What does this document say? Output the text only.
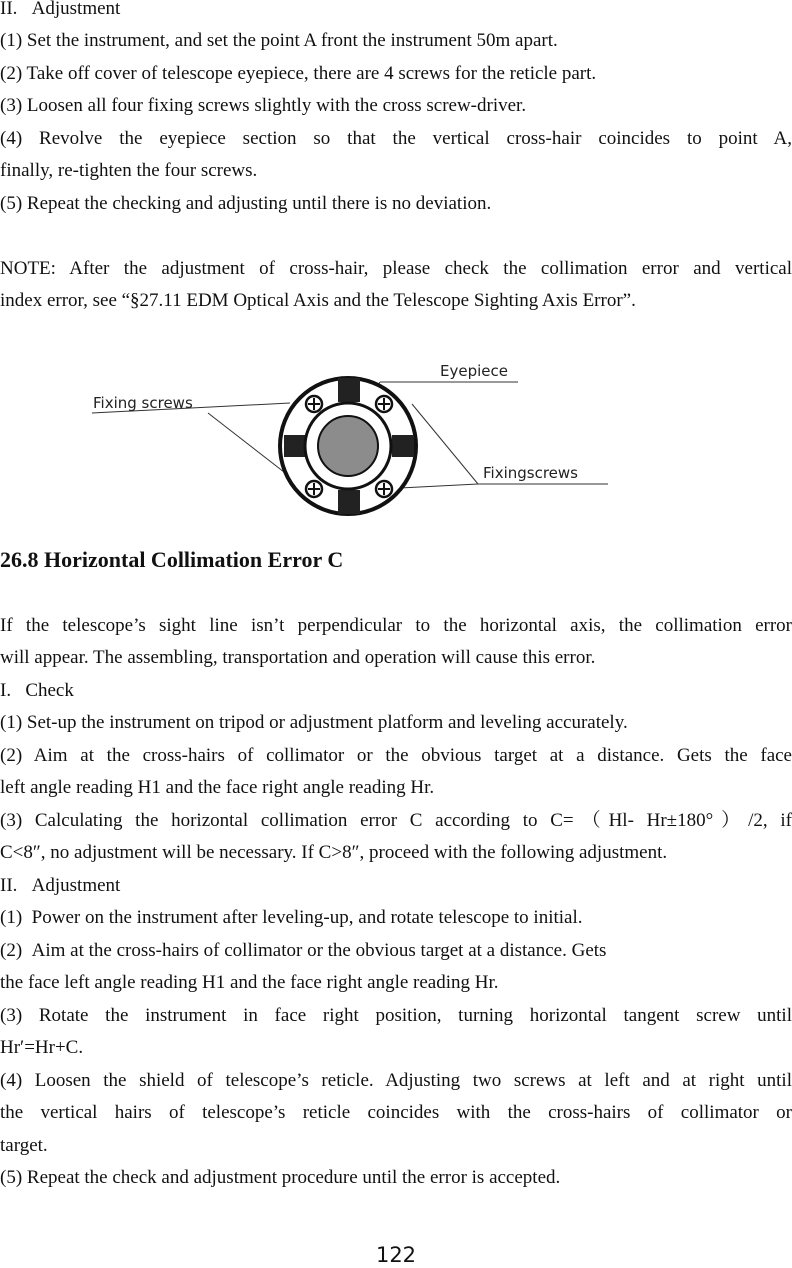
II.   Adjustment
(1) Set the instrument, and set the point A front the instrument 50m apart.
(2) Take off cover of telescope eyepiece, there are 4 screws for the reticle part.
(3) Loosen all four fixing screws slightly with the cross screw-driver.
(4) Revolve the eyepiece section so that the vertical cross-hair coincides to point A,
finally, re-tighten the four screws.
(5) Repeat the checking and adjusting until there is no deviation.
NOTE: After the adjustment of cross-hair, please check the collimation error and vertical
index error, see “§27.11 EDM Optical Axis and the Telescope Sighting Axis Error”.
Fixing screws
Eyepiece
Fixingscrews
26.8 Horizontal Collimation Error C
If the telescope’s sight line isn’t perpendicular to the horizontal axis, the collimation error
will appear. The assembling, transportation and operation will cause this error.
I.   Check
(1) Set-up the instrument on tripod or adjustment platform and leveling accurately.
(2) Aim at the cross-hairs of collimator or the obvious target at a distance. Gets the face
left angle reading H1 and the face right angle reading Hr.
(3) Calculating the horizontal collimation error C according to C=（Hl- Hr±180°）/2, if
C<8″, no adjustment will be necessary. If C>8″, proceed with the following adjustment.
II.   Adjustment
(1)  Power on the instrument after leveling-up, and rotate telescope to initial.
(2)  Aim at the cross-hairs of collimator or the obvious target at a distance. Gets
the face left angle reading H1 and the face right angle reading Hr.
(3) Rotate the instrument in face right position, turning horizontal tangent screw until
Hr′=Hr+C.
(4) Loosen the shield of telescope’s reticle. Adjusting two screws at left and at right until
the vertical hairs of telescope’s reticle coincides with the cross-hairs of collimator or
target.
(5) Repeat the check and adjustment procedure until the error is accepted.
122
